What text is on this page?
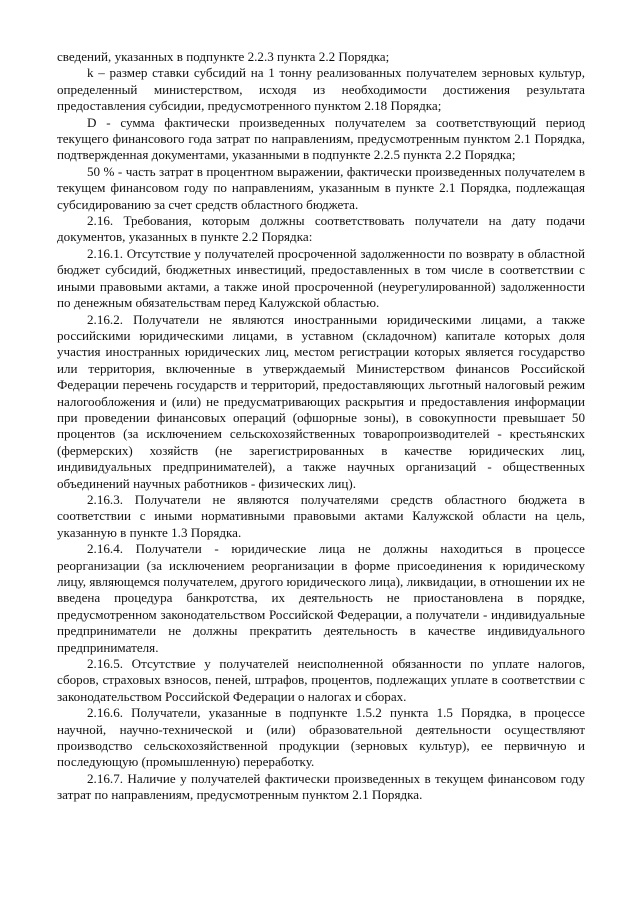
сведений, указанных в подпункте 2.2.3 пункта 2.2 Порядка;

k – размер ставки субсидий на 1 тонну реализованных получателем зерновых культур, определенный министерством, исходя из необходимости достижения результата предоставления субсидии, предусмотренного пунктом 2.18 Порядка;

D - сумма фактически произведенных получателем за соответствующий период текущего финансового года затрат по направлениям, предусмотренным пунктом 2.1 Порядка, подтвержденная документами, указанными в подпункте 2.2.5 пункта 2.2 Порядка;

50 % - часть затрат в процентном выражении, фактически произведенных получателем в текущем финансовом году по направлениям, указанным в пункте 2.1 Порядка, подлежащая субсидированию за счет средств областного бюджета.

2.16. Требования, которым должны соответствовать получатели на дату подачи документов, указанных в пункте 2.2 Порядка:

2.16.1. Отсутствие у получателей просроченной задолженности по возврату в областной бюджет субсидий, бюджетных инвестиций, предоставленных в том числе в соответствии с иными правовыми актами, а также иной просроченной (неурегулированной) задолженности по денежным обязательствам перед Калужской областью.

2.16.2. Получатели не являются иностранными юридическими лицами, а также российскими юридическими лицами, в уставном (складочном) капитале которых доля участия иностранных юридических лиц, местом регистрации которых является государство или территория, включенные в утверждаемый Министерством финансов Российской Федерации перечень государств и территорий, предоставляющих льготный налоговый режим налогообложения и (или) не предусматривающих раскрытия и предоставления информации при проведении финансовых операций (офшорные зоны), в совокупности превышает 50 процентов (за исключением сельскохозяйственных товаропроизводителей - крестьянских (фермерских) хозяйств (не зарегистрированных в качестве юридических лиц, индивидуальных предпринимателей), а также научных организаций - общественных объединений научных работников - физических лиц).

2.16.3. Получатели не являются получателями средств областного бюджета в соответствии с иными нормативными правовыми актами Калужской области на цель, указанную в пункте 1.3 Порядка.

2.16.4. Получатели - юридические лица не должны находиться в процессе реорганизации (за исключением реорганизации в форме присоединения к юридическому лицу, являющемся получателем, другого юридического лица), ликвидации, в отношении их не введена процедура банкротства, их деятельность не приостановлена в порядке, предусмотренном законодательством Российской Федерации, а получатели - индивидуальные предприниматели не должны прекратить деятельность в качестве индивидуального предпринимателя.

2.16.5. Отсутствие у получателей неисполненной обязанности по уплате налогов, сборов, страховых взносов, пеней, штрафов, процентов, подлежащих уплате в соответствии с законодательством Российской Федерации о налогах и сборах.

2.16.6. Получатели, указанные в подпункте 1.5.2 пункта 1.5 Порядка, в процессе научной, научно-технической и (или) образовательной деятельности осуществляют производство сельскохозяйственной продукции (зерновых культур), ее первичную и последующую (промышленную) переработку.

2.16.7. Наличие у получателей фактически произведенных в текущем финансовом году затрат по направлениям, предусмотренным пунктом 2.1 Порядка.
